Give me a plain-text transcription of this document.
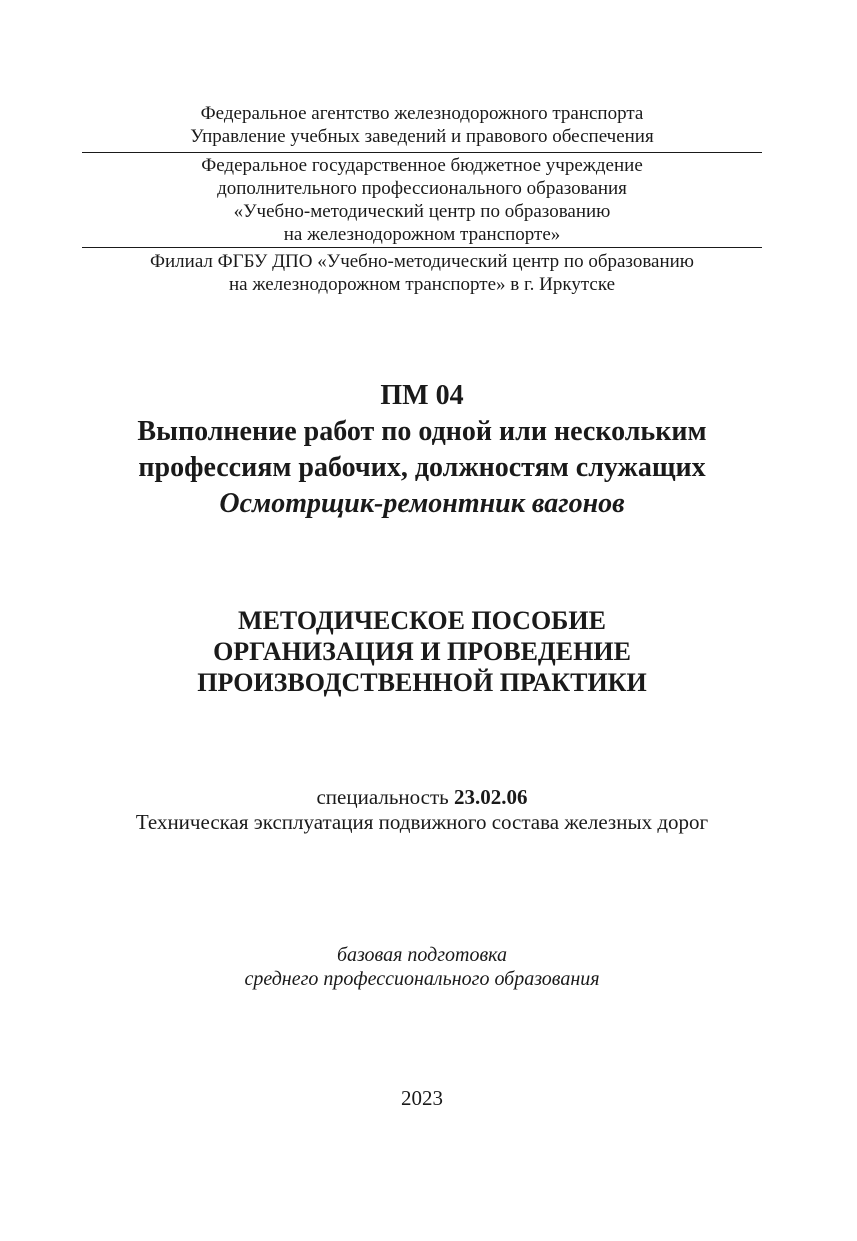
Федеральное агентство железнодорожного транспорта
Управление учебных заведений и правового обеспечения
Федеральное государственное бюджетное учреждение
дополнительного профессионального образования
«Учебно-методический центр по образованию
на железнодорожном транспорте»
Филиал ФГБУ ДПО «Учебно-методический центр по образованию
на железнодорожном транспорте» в г. Иркутске
ПМ 04
Выполнение работ по одной или нескольким
профессиям рабочих, должностям служащих
Осмотрщик-ремонтник вагонов
МЕТОДИЧЕСКОЕ ПОСОБИЕ
ОРГАНИЗАЦИЯ И ПРОВЕДЕНИЕ
ПРОИЗВОДСТВЕННОЙ ПРАКТИКИ
специальность 23.02.06
Техническая эксплуатация подвижного состава железных дорог
базовая подготовка
среднего профессионального образования
2023
